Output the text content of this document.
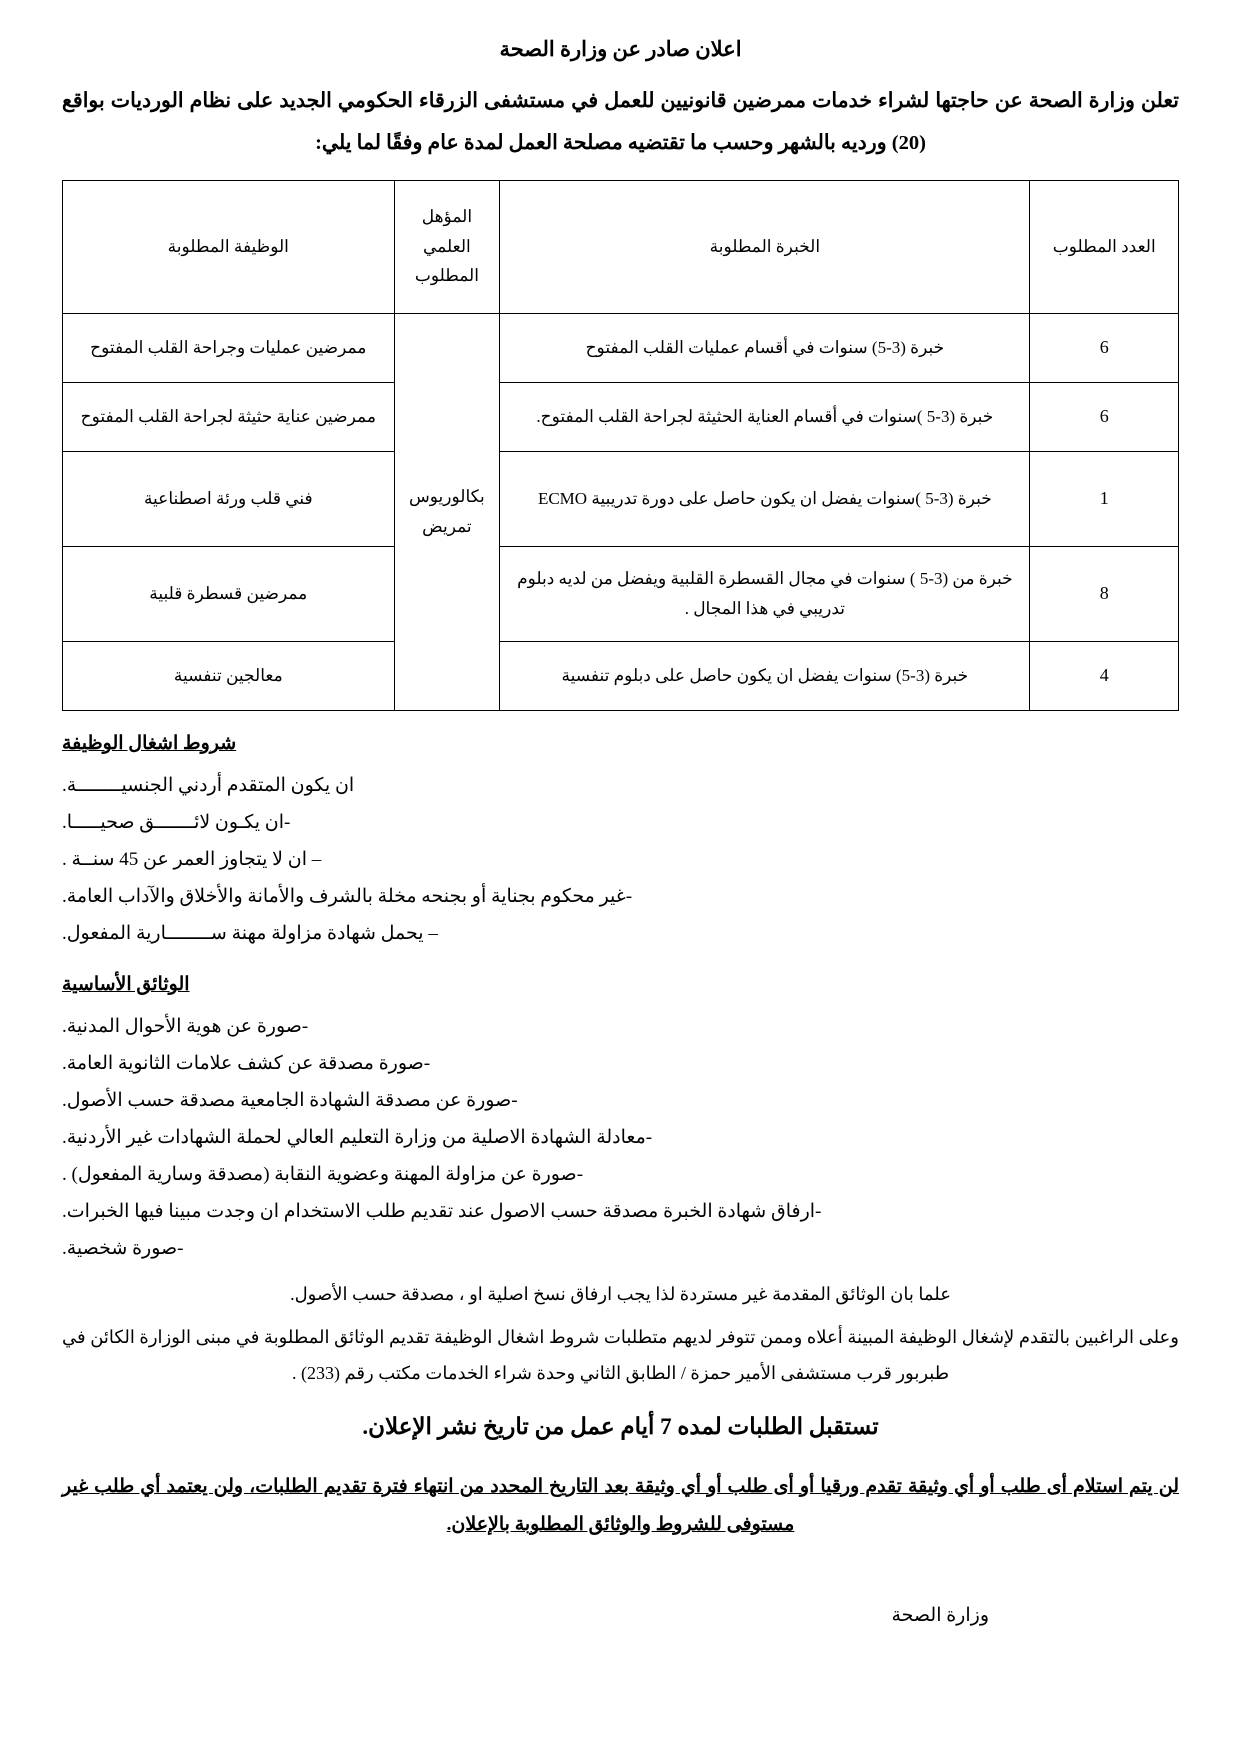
اعلان صادر عن وزارة الصحة

تعلن وزارة الصحة عن حاجتها لشراء خدمات ممرضين قانونيين للعمل في مستشفى الزرقاء الحكومي الجديد على نظام الورديات بواقع (20) ورديه بالشهر وحسب ما تقتضيه مصلحة العمل لمدة عام وفقًا لما يلي:

العدد المطلوب	الخبرة المطلوبة	المؤهل العلمي المطلوب	الوظيفة المطلوبة
6	خبرة (3-5) سنوات في أقسام عمليات القلب المفتوح	بكالوريوس تمريض	ممرضين عمليات وجراحة القلب المفتوح
6	خبرة (3-5 )سنوات في أقسام العناية الحثيثة لجراحة القلب المفتوح.		ممرضين عناية حثيثة لجراحة القلب المفتوح
1	خبرة (3-5 )سنوات يفضل ان يكون حاصل على دورة تدريبية ECMO		فني قلب ورئة اصطناعية
8	خبرة من (3-5 ) سنوات في مجال القسطرة القلبية ويفضل من لديه دبلوم تدريبي في هذا المجال .		ممرضين قسطرة قلبية
4	خبرة (3-5) سنوات يفضل ان يكون حاصل على دبلوم تنفسية		معالجين تنفسية
شروط اشغال الوظيفة
ان يكون المتقدم أردني الجنسيــــــــة.
-ان يكـون لائـــــــق صحيـــــا.
– ان لا يتجاوز العمر عن 45 سنــة .
-غير محكوم بجناية أو بجنحه مخلة بالشرف والأمانة والأخلاق والآداب العامة.
– يحمل شهادة مزاولة مهنة ســــــــارية المفعول.
الوثائق الأساسية
-صورة عن هوية الأحوال المدنية.
-صورة مصدقة عن كشف علامات الثانوية العامة.
-صورة عن مصدقة الشهادة الجامعية مصدقة حسب الأصول.
-معادلة الشهادة الاصلية من وزارة التعليم العالي لحملة الشهادات غير الأردنية.
-صورة عن مزاولة المهنة وعضوية النقابة (مصدقة وسارية المفعول) .
-ارفاق شهادة الخبرة مصدقة حسب الاصول عند تقديم طلب الاستخدام ان وجدت مبينا فيها الخبرات.
-صورة شخصية.

علما بان الوثائق المقدمة غير مستردة لذا يجب ارفاق نسخ اصلية او ، مصدقة حسب الأصول.

وعلى الراغبين بالتقدم لإشغال الوظيفة المبينة أعلاه وممن تتوفر لديهم متطلبات شروط اشغال الوظيفة تقديم الوثائق المطلوبة في مبنى الوزارة الكائن في طبربور قرب مستشفى الأمير حمزة / الطابق الثاني وحدة شراء الخدمات مكتب رقم (233) .

تستقبل الطلبات لمده 7 أيام عمل من تاريخ نشر الإعلان.

لن يتم استلام أى طلب أو أي وثيقة تقدم ورقيا أو أى طلب أو أي وثيقة بعد التاريخ المحدد من انتهاء فترة تقديم الطلبات، ولن يعتمد أي طلب غير مستوفى للشروط والوثائق المطلوبة بالإعلان.

وزارة الصحة
